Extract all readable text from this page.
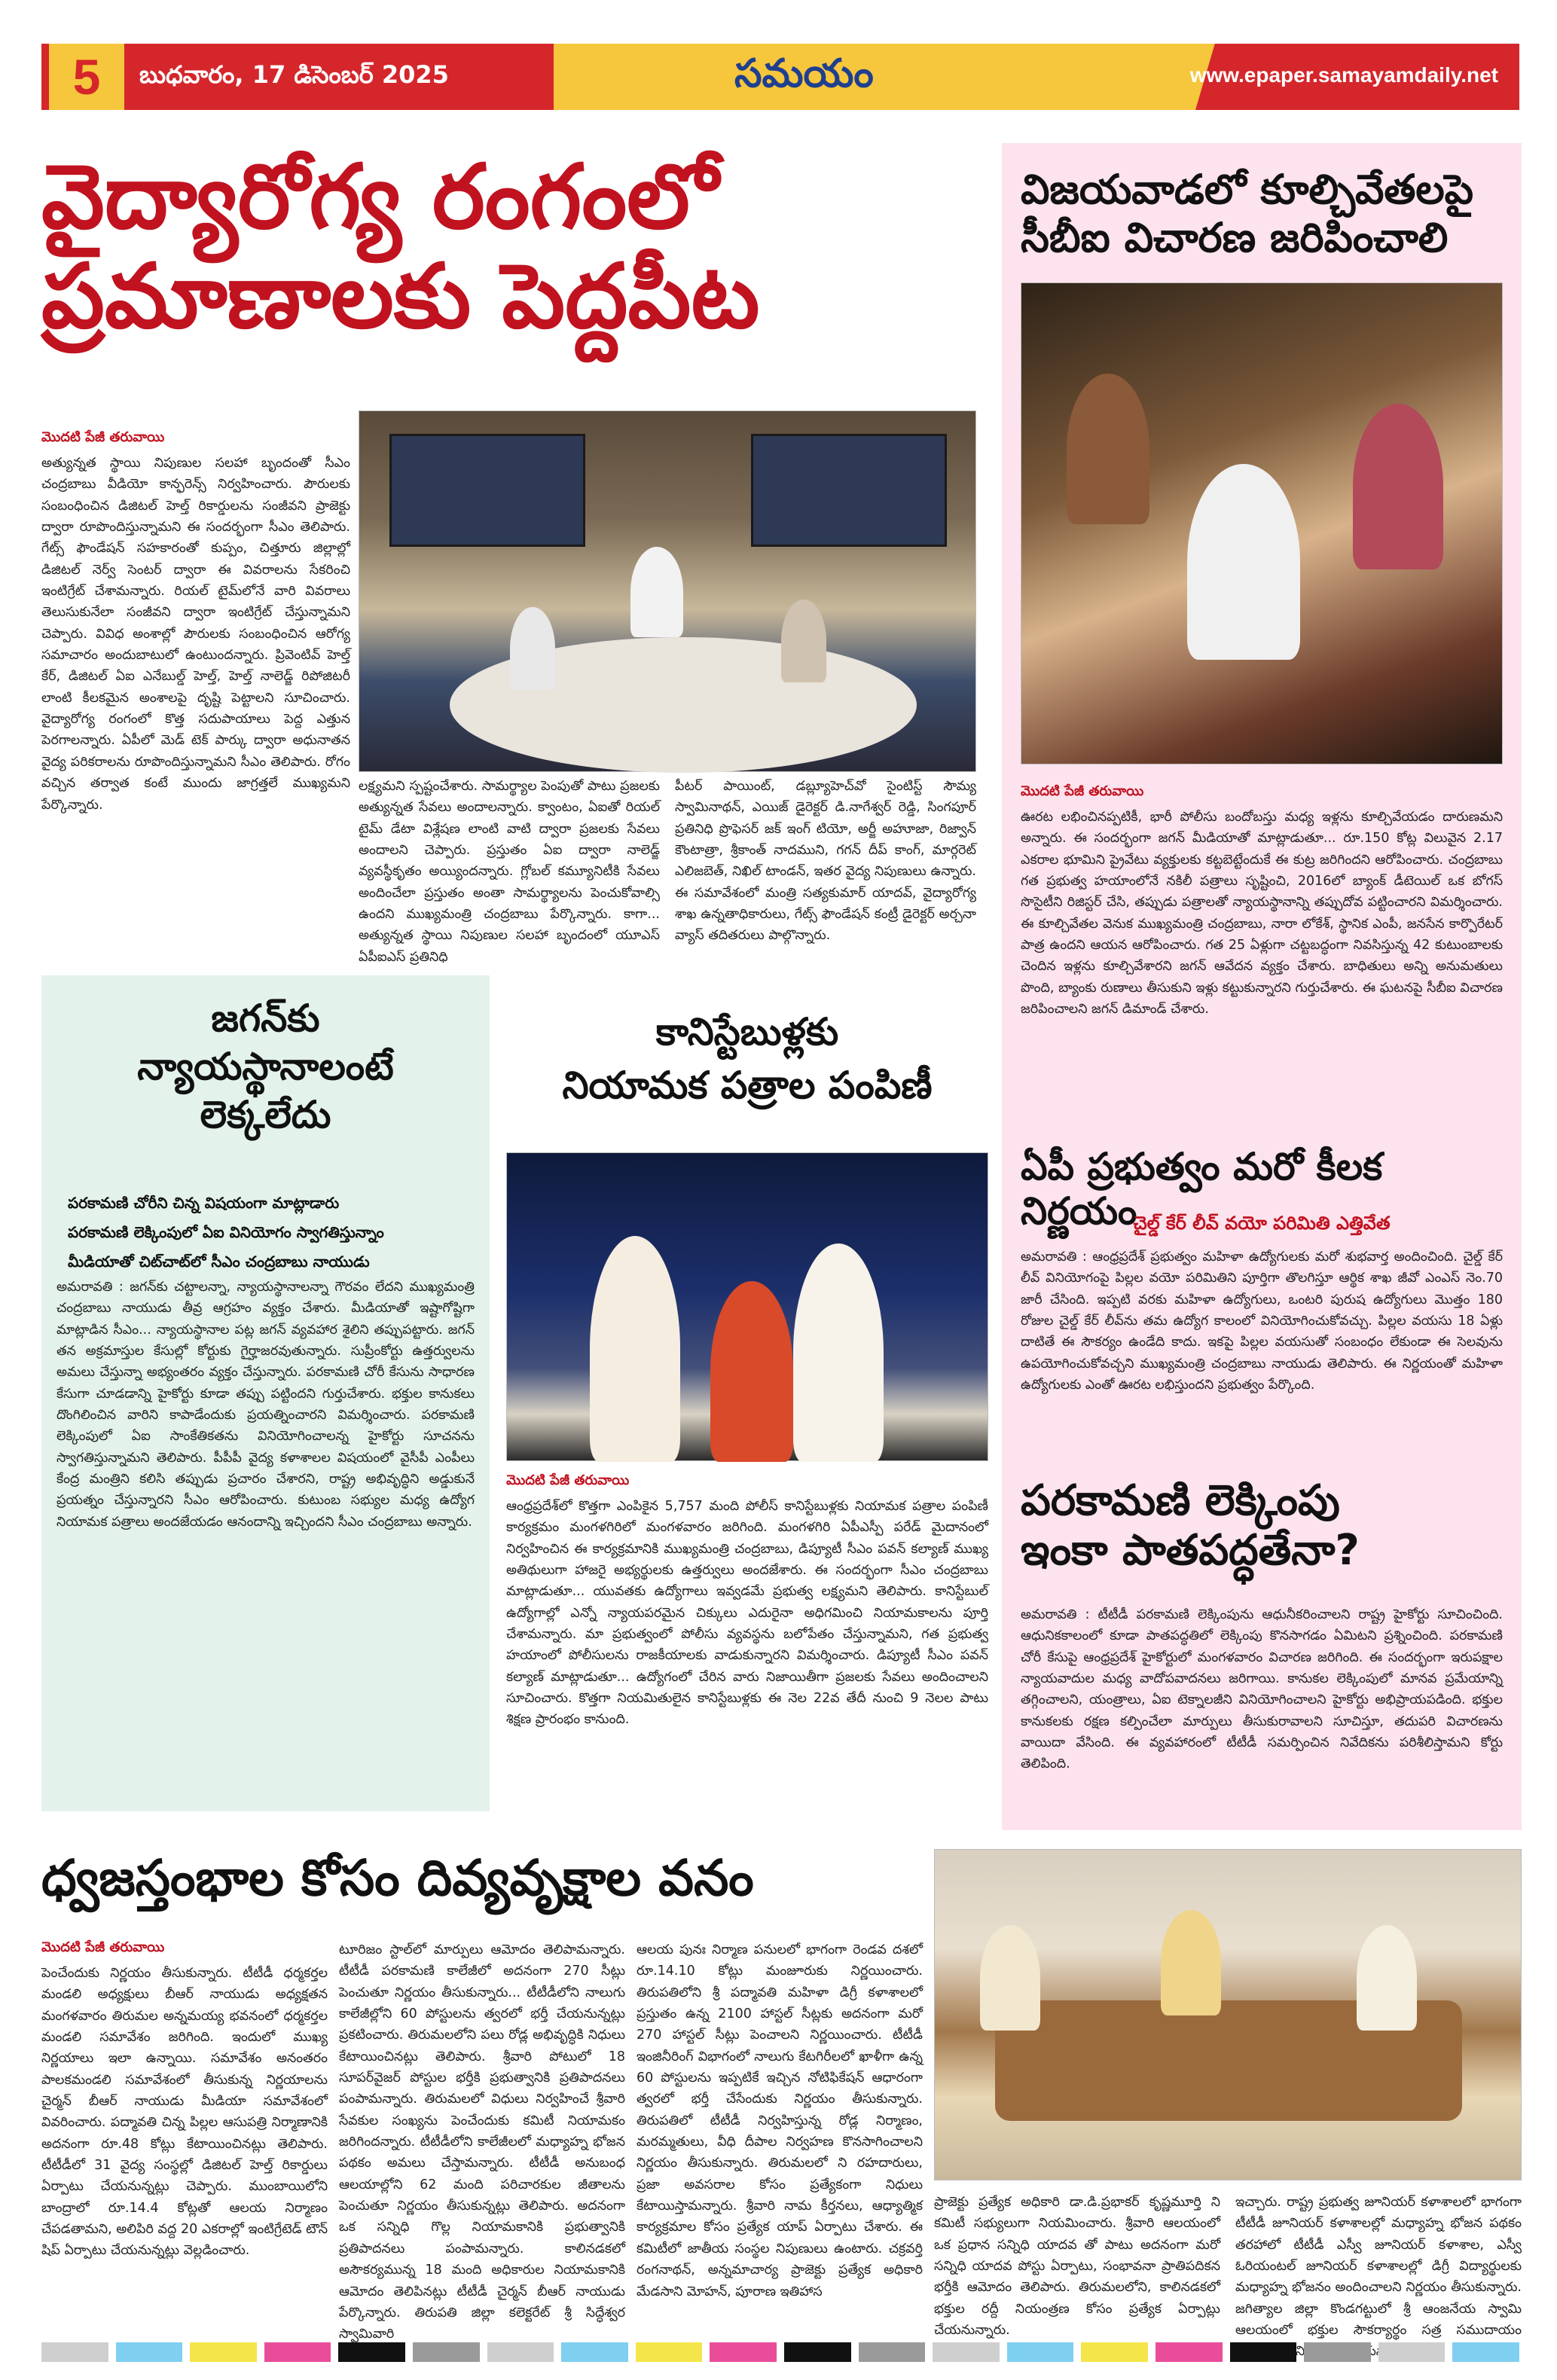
5	బుధవారం, 17 డిసెంబర్ 2025	సమయం	www.epaper.samayamdaily.net
వైద్యారోగ్య రంగంలో
ప్రమాణాలకు పెద్దపీట
మొదటి పేజీ తరువాయి
అత్యున్నత స్థాయి నిపుణుల సలహా బృందంతో సీఎం చంద్రబాబు వీడియో కాన్ఫరెన్స్ నిర్వహించారు. పౌరులకు సంబంధించిన డిజిటల్ హెల్త్ రికార్డులను సంజీవని ప్రాజెక్టు ద్వారా రూపొందిస్తున్నామని ఈ సందర్భంగా సీఎం తెలిపారు. గేట్స్ ఫౌండేషన్ సహకారంతో కుప్పం, చిత్తూరు జిల్లాల్లో డిజిటల్ నెర్వ్ సెంటర్ ద్వారా ఈ వివరాలను సేకరించి ఇంటిగ్రేట్ చేశామన్నారు. రియల్ టైమ్‌లోనే వారి వివరాలు తెలుసుకునేలా సంజీవని ద్వారా ఇంటిగ్రేట్ చేస్తున్నామని చెప్పారు. వివిధ అంశాల్లో పౌరులకు సంబంధించిన ఆరోగ్య సమాచారం అందుబాటులో ఉంటుందన్నారు. ప్రివెంటివ్ హెల్త్ కేర్, డిజిటల్ ఏఐ ఎనేబుల్డ్ హెల్త్, హెల్త్ నాలెడ్జ్ రిపోజిటరీ లాంటి కీలకమైన అంశాలపై దృష్టి పెట్టాలని సూచించారు. వైద్యారోగ్య రంగంలో కొత్త సదుపాయాలు పెద్ద ఎత్తున పెరగాలన్నారు. ఏపీలో మెడ్ టెక్ పార్కు ద్వారా అధునాతన వైద్య పరికరాలను రూపొందిస్తున్నామని సీఎం తెలిపారు. రోగం వచ్చిన తర్వాత కంటే ముందు జాగ్రత్తలే ముఖ్యమని పేర్కొన్నారు.
లక్ష్యమని స్పష్టంచేశారు. సామర్థ్యాల పెంపుతో పాటు ప్రజలకు అత్యున్నత సేవలు అందాలన్నారు. క్వాంటం, ఏఐతో రియల్ టైమ్ డేటా విశ్లేషణ లాంటి వాటి ద్వారా ప్రజలకు సేవలు అందాలని చెప్పారు. ప్రస్తుతం ఏఐ ద్వారా నాలెడ్జ్ వ్యవస్థీకృతం అయ్యిందన్నారు. గ్లోబల్ కమ్యూనిటీకి సేవలు అందించేలా ప్రస్తుతం అంతా సామర్థ్యాలను పెంచుకోవాల్సి ఉందని ముఖ్యమంత్రి చంద్రబాబు పేర్కొన్నారు. కాగా... అత్యున్నత స్థాయి నిపుణుల సలహా బృందంలో యూఎస్ ఏపీఐఎస్ ప్రతినిధి
పీటర్ పాయింట్, డబ్ల్యూహెచ్‌వో సైంటిస్ట్ సౌమ్య స్వామినాథన్, ఎయిజ్ డైరెక్టర్ డి.నాగేశ్వర్ రెడ్డి, సింగపూర్ ప్రతినిధి ప్రొఫెసర్ జక్ ఇంగ్ టియో, అర్జీ అహూజా, రిజ్వాన్ కౌంటాత్రా, శ్రీకాంత్ నాదముని, గగన్ దీప్ కాంగ్, మార్గరెట్ ఎలిజబెత్, నిఖిల్ టాండన్, ఇతర వైద్య నిపుణులు ఉన్నారు. ఈ సమావేశంలో మంత్రి సత్యకుమార్ యాదవ్, వైద్యారోగ్య శాఖ ఉన్నతాధికారులు, గేట్స్ ఫౌండేషన్ కంట్రీ డైరెక్టర్ అర్చనా వ్యాస్ తదితరులు పాల్గొన్నారు.
విజయవాడలో కూల్చివేతలపై
సీబీఐ విచారణ జరిపించాలి
మొదటి పేజీ తరువాయి
ఊరట లభించినప్పటికీ, భారీ పోలీసు బందోబస్తు మధ్య ఇళ్లను కూల్చివేయడం దారుణమని అన్నారు. ఈ సందర్భంగా జగన్ మీడియాతో మాట్లాడుతూ... రూ.150 కోట్ల విలువైన 2.17 ఎకరాల భూమిని ప్రైవేటు వ్యక్తులకు కట్టబెట్టేందుకే ఈ కుట్ర జరిగిందని ఆరోపించారు. చంద్రబాబు గత ప్రభుత్వ హయాంలోనే నకిలీ పత్రాలు సృష్టించి, 2016లో బ్యాంక్ డీటెయిల్ ఒక బోగస్ సొసైటీని రిజిస్టర్ చేసి, తప్పుడు పత్రాలతో న్యాయస్థానాన్ని తప్పుదోవ పట్టించారని విమర్శించారు. ఈ కూల్చివేతల వెనుక ముఖ్యమంత్రి చంద్రబాబు, నారా లోకేశ్, స్థానిక ఎంపీ, జనసేన కార్పొరేటర్ పాత్ర ఉందని ఆయన ఆరోపించారు. గత 25 ఏళ్లుగా చట్టబద్ధంగా నివసిస్తున్న 42 కుటుంబాలకు చెందిన ఇళ్లను కూల్చివేశారని జగన్ ఆవేదన వ్యక్తం చేశారు. బాధితులు అన్ని అనుమతులు పొంది, బ్యాంకు రుణాలు తీసుకుని ఇళ్లు కట్టుకున్నారని గుర్తుచేశారు. ఈ ఘటనపై సీబీఐ విచారణ జరిపించాలని జగన్ డిమాండ్ చేశారు.
ఏపీ ప్రభుత్వం మరో కీలక నిర్ణయం
చైల్డ్ కేర్ లీవ్ వయో పరిమితి ఎత్తివేత
అమరావతి : ఆంధ్రప్రదేశ్ ప్రభుత్వం మహిళా ఉద్యోగులకు మరో శుభవార్త అందించింది. చైల్డ్ కేర్ లీవ్ వినియోగంపై పిల్లల వయో పరిమితిని పూర్తిగా తొలగిస్తూ ఆర్థిక శాఖ జీవో ఎంఎస్ నెం.70 జారీ చేసింది. ఇప్పటి వరకు మహిళా ఉద్యోగులు, ఒంటరి పురుష ఉద్యోగులు మొత్తం 180 రోజుల చైల్డ్ కేర్ లీవ్‌ను తమ ఉద్యోగ కాలంలో వినియోగించుకోవచ్చు. పిల్లల వయసు 18 ఏళ్లు దాటితే ఈ సౌకర్యం ఉండేది కాదు. ఇకపై పిల్లల వయసుతో సంబంధం లేకుండా ఈ సెలవును ఉపయోగించుకోవచ్చని ముఖ్యమంత్రి చంద్రబాబు నాయుడు తెలిపారు. ఈ నిర్ణయంతో మహిళా ఉద్యోగులకు ఎంతో ఊరట లభిస్తుందని ప్రభుత్వం పేర్కొంది.
పరకామణి లెక్కింపు
ఇంకా పాతపద్ధతేనా?
అమరావతి : టీటీడీ పరకామణి లెక్కింపును ఆధునీకరించాలని రాష్ట్ర హైకోర్టు సూచించింది. ఆధునికకాలంలో కూడా పాతపద్ధతిలో లెక్కింపు కొనసాగడం ఏమిటని ప్రశ్నించింది. పరకామణి చోరీ కేసుపై ఆంధ్రప్రదేశ్ హైకోర్టులో మంగళవారం విచారణ జరిగింది. ఈ సందర్భంగా ఇరుపక్షాల న్యాయవాదుల మధ్య వాదోపవాదనలు జరిగాయి. కానుకల లెక్కింపులో మానవ ప్రమేయాన్ని తగ్గించాలని, యంత్రాలు, ఏఐ టెక్నాలజీని వినియోగించాలని హైకోర్టు అభిప్రాయపడింది. భక్తుల కానుకలకు రక్షణ కల్పించేలా మార్పులు తీసుకురావాలని సూచిస్తూ, తదుపరి విచారణను వాయిదా వేసింది. ఈ వ్యవహారంలో టీటీడీ సమర్పించిన నివేదికను పరిశీలిస్తామని కోర్టు తెలిపింది.
జగన్‌కు
న్యాయస్థానాలంటే
లెక్కలేదు
పరకామణి చోరీని చిన్న విషయంగా మాట్లాడారు
పరకామణి లెక్కింపులో ఏఐ వినియోగం స్వాగతిస్తున్నాం
మీడియాతో చిట్‌చాట్‌లో సీఎం చంద్రబాబు నాయుడు
అమరావతి : జగన్‌కు చట్టాలన్నా, న్యాయస్థానాలన్నా గౌరవం లేదని ముఖ్యమంత్రి చంద్రబాబు నాయుడు తీవ్ర ఆగ్రహం వ్యక్తం చేశారు. మీడియాతో ఇష్టాగోష్టిగా మాట్లాడిన సీఎం... న్యాయస్థానాల పట్ల జగన్ వ్యవహార శైలిని తప్పుపట్టారు. జగన్ తన అక్రమాస్తుల కేసుల్లో కోర్టుకు గైర్హాజరవుతున్నారు. సుప్రీంకోర్టు ఉత్తర్వులను అమలు చేస్తున్నా అభ్యంతరం వ్యక్తం చేస్తున్నారు. పరకామణి చోరీ కేసును సాధారణ కేసుగా చూడడాన్ని హైకోర్టు కూడా తప్పు పట్టిందని గుర్తుచేశారు. భక్తుల కానుకలు దొంగిలించిన వారిని కాపాడేందుకు ప్రయత్నించారని విమర్శించారు. పరకామణి లెక్కింపులో ఏఐ సాంకేతికతను వినియోగించాలన్న హైకోర్టు సూచనను స్వాగతిస్తున్నామని తెలిపారు. పీపీపీ వైద్య కళాశాలల విషయంలో వైసీపీ ఎంపీలు కేంద్ర మంత్రిని కలిసి తప్పుడు ప్రచారం చేశారని, రాష్ట్ర అభివృద్ధిని అడ్డుకునే ప్రయత్నం చేస్తున్నారని సీఎం ఆరోపించారు. కుటుంబ సభ్యుల మధ్య ఉద్యోగ నియామక పత్రాలు అందజేయడం ఆనందాన్ని ఇచ్చిందని సీఎం చంద్రబాబు అన్నారు.
కానిస్టేబుళ్లకు
నియామక పత్రాల పంపిణీ
మొదటి పేజీ తరువాయి
ఆంధ్రప్రదేశ్‌లో కొత్తగా ఎంపికైన 5,757 మంది పోలీస్ కానిస్టేబుళ్లకు నియామక పత్రాల పంపిణీ కార్యక్రమం మంగళగిరిలో మంగళవారం జరిగింది. మంగళగిరి ఏపీఎస్పీ పరేడ్ మైదానంలో నిర్వహించిన ఈ కార్యక్రమానికి ముఖ్యమంత్రి చంద్రబాబు, డిప్యూటీ సీఎం పవన్ కల్యాణ్ ముఖ్య అతిథులుగా హాజరై అభ్యర్థులకు ఉత్తర్వులు అందజేశారు. ఈ సందర్భంగా సీఎం చంద్రబాబు మాట్లాడుతూ... యువతకు ఉద్యోగాలు ఇవ్వడమే ప్రభుత్వ లక్ష్యమని తెలిపారు. కానిస్టేబుల్ ఉద్యోగాల్లో ఎన్నో న్యాయపరమైన చిక్కులు ఎదురైనా అధిగమించి నియామకాలను పూర్తి చేశామన్నారు. మా ప్రభుత్వంలో పోలీసు వ్యవస్థను బలోపేతం చేస్తున్నామని, గత ప్రభుత్వ హయాంలో పోలీసులను రాజకీయాలకు వాడుకున్నారని విమర్శించారు. డిప్యూటీ సీఎం పవన్ కల్యాణ్ మాట్లాడుతూ... ఉద్యోగంలో చేరిన వారు నిజాయితీగా ప్రజలకు సేవలు అందించాలని సూచించారు. కొత్తగా నియమితులైన కానిస్టేబుళ్లకు ఈ నెల 22వ తేదీ నుంచి 9 నెలల పాటు శిక్షణ ప్రారంభం కానుంది.
ధ్వజస్తంభాల కోసం దివ్యవృక్షాల వనం
మొదటి పేజీ తరువాయి
పెంచేందుకు నిర్ణయం తీసుకున్నారు. టీటీడీ ధర్మకర్తల మండలి అధ్యక్షులు బీఆర్ నాయుడు అధ్యక్షతన మంగళవారం తిరుమల అన్నమయ్య భవనంలో ధర్మకర్తల మండలి సమావేశం జరిగింది. ఇందులో ముఖ్య నిర్ణయాలు ఇలా ఉన్నాయి. సమావేశం అనంతరం పాలకమండలి సమావేశంలో తీసుకున్న నిర్ణయాలను చైర్మన్ బీఆర్ నాయుడు మీడియా సమావేశంలో వివరించారు. పద్మావతి చిన్న పిల్లల ఆసుపత్రి నిర్మాణానికి అదనంగా రూ.48 కోట్లు కేటాయించినట్లు తెలిపారు. టీటీడీలో 31 వైద్య సంస్థల్లో డిజిటల్ హెల్త్ రికార్డులు ఏర్పాటు చేయనున్నట్లు చెప్పారు. ముంబాయిలోని బాంద్రాలో రూ.14.4 కోట్లతో ఆలయ నిర్మాణం చేపడతామని, అలిపిరి వద్ద 20 ఎకరాల్లో ఇంటిగ్రేటెడ్ టౌన్ షిప్ ఏర్పాటు చేయనున్నట్లు వెల్లడించారు.
టూరిజం స్టాల్‌లో మార్పులు ఆమోదం తెలిపామన్నారు. టీటీడీ పరకామణి కాలేజీలో అదనంగా 270 సీట్లు పెంచుతూ నిర్ణయం తీసుకున్నారు... టీటీడీలోని నాలుగు కాలేజీల్లోని 60 పోస్టులను త్వరలో భర్తీ చేయనున్నట్లు ప్రకటించారు. తిరుమలలోని పలు రోడ్ల అభివృద్ధికి నిధులు కేటాయించినట్లు తెలిపారు. శ్రీవారి పోటులో 18 సూపర్‌వైజర్ పోస్టుల భర్తీకి ప్రభుత్వానికి ప్రతిపాదనలు పంపామన్నారు. తిరుమలలో విధులు నిర్వహించే శ్రీవారి సేవకుల సంఖ్యను పెంచేందుకు కమిటీ నియామకం జరిగిందన్నారు. టీటీడీలోని కాలేజీలలో మధ్యాహ్న భోజన పథకం అమలు చేస్తామన్నారు. టీటీడీ అనుబంధ ఆలయాల్లోని 62 మంది పరిచారకుల జీతాలను పెంచుతూ నిర్ణయం తీసుకున్నట్లు తెలిపారు. అదనంగా ఒక సన్నిధి గొల్ల నియామకానికి ప్రభుత్వానికి ప్రతిపాదనలు పంపామన్నారు. కాలినడకలో అసౌకర్యమున్న 18 మంది అధికారుల నియామకానికి ఆమోదం తెలిపినట్లు టీటీడీ చైర్మన్ బీఆర్ నాయుడు పేర్కొన్నారు. తిరుపతి జిల్లా కలెక్టరేట్ శ్రీ సిద్ధేశ్వర స్వామివారి
ఆలయ పునః నిర్మాణ పనులలో భాగంగా రెండవ దశలో రూ.14.10 కోట్లు మంజూరుకు నిర్ణయించారు. తిరుపతిలోని శ్రీ పద్మావతి మహిళా డిగ్రీ కళాశాలలో ప్రస్తుతం ఉన్న 2100 హాస్టల్ సీట్లకు అదనంగా మరో 270 హాస్టల్ సీట్లు పెంచాలని నిర్ణయించారు. టీటీడీ ఇంజినీరింగ్ విభాగంలో నాలుగు కేటగిరీలలో ఖాళీగా ఉన్న 60 పోస్టులను ఇప్పటికే ఇచ్చిన నోటిఫికేషన్ ఆధారంగా త్వరలో భర్తీ చేసేందుకు నిర్ణయం తీసుకున్నారు. తిరుపతిలో టీటీడీ నిర్వహిస్తున్న రోడ్ల నిర్మాణం, మరమ్మతులు, వీధి దీపాల నిర్వహణ కొనసాగించాలని నిర్ణయం తీసుకున్నారు. తిరుమలలో ని రహదారులు, ప్రజా అవసరాల కోసం ప్రత్యేకంగా నిధులు కేటాయిస్తామన్నారు. శ్రీవారి నామ కీర్తనలు, ఆధ్యాత్మిక కార్యక్రమాల కోసం ప్రత్యేక యాప్ ఏర్పాటు చేశారు. ఈ కమిటీలో జాతీయ సంస్థల నిపుణులు ఉంటారు. చక్రవర్తి రంగనాథన్, అన్నమాచార్య ప్రాజెక్టు ప్రత్యేక అధికారి మేడసాని మోహన్, పూరాణ ఇతిహాస
ప్రాజెక్టు ప్రత్యేక అధికారి డా.డి.ప్రభాకర్ కృష్ణమూర్తి ని కమిటీ సభ్యులుగా నియమించారు. శ్రీవారి ఆలయంలో ఒక ప్రధాన సన్నిధి యాదవ తో పాటు అదనంగా మరో సన్నిధి యాదవ పోస్టు ఏర్పాటు, సంభావనా ప్రాతిపదికన భర్తీకి ఆమోదం తెలిపారు. తిరుమలలోని, కాలినడకలో భక్తుల రద్దీ నియంత్రణ కోసం ప్రత్యేక ఏర్పాట్లు చేయనున్నారు.
ఇచ్చారు. రాష్ట్ర ప్రభుత్వ జూనియర్ కళాశాలలో భాగంగా టీటీడీ జూనియర్ కళాశాలల్లో మధ్యాహ్న భోజన పథకం తరహాలో టీటీడీ ఎస్వీ జూనియర్ కళాశాల, ఎస్వీ ఓరియంటల్ జూనియర్ కళాశాలల్లో డిగ్రీ విద్యార్థులకు మధ్యాహ్న భోజనం అందించాలని నిర్ణయం తీసుకున్నారు. జగిత్యాల జిల్లా కొండగట్టులో శ్రీ ఆంజనేయ స్వామి ఆలయంలో భక్తుల సౌకర్యార్థం సత్ర సముదాయం తీసుకున్నారు.
